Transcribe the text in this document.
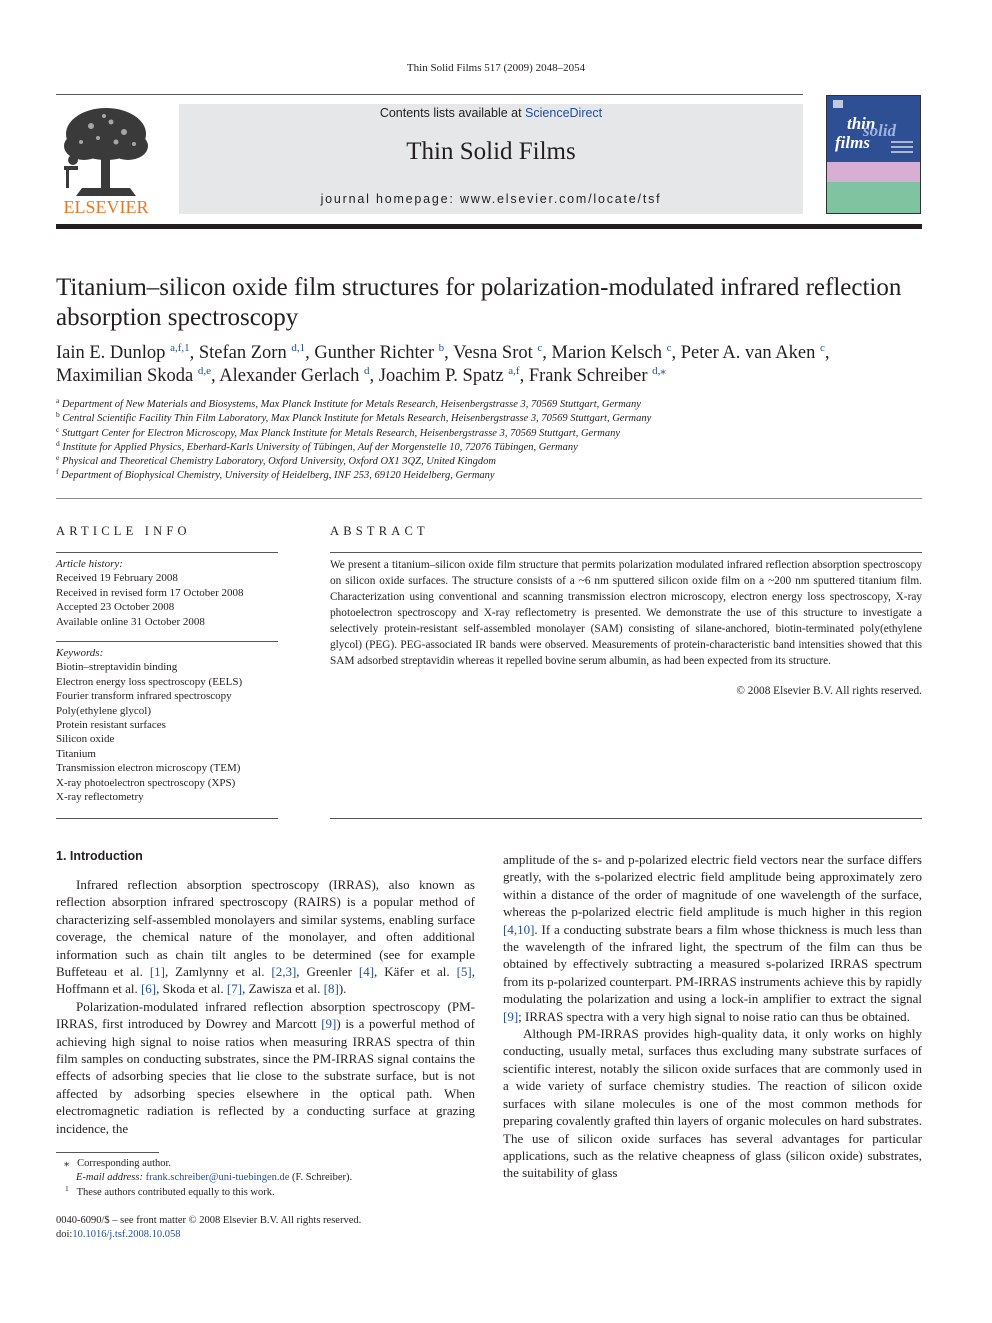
Thin Solid Films 517 (2009) 2048–2054
ELSEVIER
Contents lists available at ScienceDirect
Thin Solid Films
journal homepage: www.elsevier.com/locate/tsf
thin
solid
films
Titanium–silicon oxide film structures for polarization-modulated infrared reflection absorption spectroscopy
Iain E. Dunlop $^{a,f,1}$, Stefan Zorn $^{d,1}$, Gunther Richter $^b$, Vesna Srot $^c$, Marion Kelsch $^c$, Peter A. van Aken $^c$,
Maximilian Skoda $^{d,e}$, Alexander Gerlach $^d$, Joachim P. Spatz $^{a,f}$, Frank Schreiber $^{d,⁎}$
$^a$ Department of New Materials and Biosystems, Max Planck Institute for Metals Research, Heisenbergstrasse 3, 70569 Stuttgart, Germany
$^b$ Central Scientific Facility Thin Film Laboratory, Max Planck Institute for Metals Research, Heisenbergstrasse 3, 70569 Stuttgart, Germany
$^c$ Stuttgart Center for Electron Microscopy, Max Planck Institute for Metals Research, Heisenbergstrasse 3, 70569 Stuttgart, Germany
$^d$ Institute for Applied Physics, Eberhard-Karls University of Tübingen, Auf der Morgenstelle 10, 72076 Tübingen, Germany
$^e$ Physical and Theoretical Chemistry Laboratory, Oxford University, Oxford OX1 3QZ, United Kingdom
$^f$ Department of Biophysical Chemistry, University of Heidelberg, INF 253, 69120 Heidelberg, Germany
ARTICLE INFO	ABSTRACT
Article history:
Received 19 February 2008
Received in revised form 17 October 2008
Accepted 23 October 2008
Available online 31 October 2008
Keywords:
Biotin–streptavidin binding
Electron energy loss spectroscopy (EELS)
Fourier transform infrared spectroscopy
Poly(ethylene glycol)
Protein resistant surfaces
Silicon oxide
Titanium
Transmission electron microscopy (TEM)
X-ray photoelectron spectroscopy (XPS)
X-ray reflectometry
We present a titanium–silicon oxide film structure that permits polarization modulated infrared reflection absorption spectroscopy on silicon oxide surfaces. The structure consists of a ~6 nm sputtered silicon oxide film on a ~200 nm sputtered titanium film. Characterization using conventional and scanning transmission electron microscopy, electron energy loss spectroscopy, X-ray photoelectron spectroscopy and X-ray reflectometry is presented. We demonstrate the use of this structure to investigate a selectively protein-resistant self-assembled monolayer (SAM) consisting of silane-anchored, biotin-terminated poly(ethylene glycol) (PEG). PEG-associated IR bands were observed. Measurements of protein-characteristic band intensities showed that this SAM adsorbed streptavidin whereas it repelled bovine serum albumin, as had been expected from its structure.
© 2008 Elsevier B.V. All rights reserved.
1. Introduction

Infrared reflection absorption spectroscopy (IRRAS), also known as reflection absorption infrared spectroscopy (RAIRS) is a popular method of characterizing self-assembled monolayers and similar systems, enabling surface coverage, the chemical nature of the monolayer, and often additional information such as chain tilt angles to be determined (see for example Buffeteau et al. [1], Zamlynny et al. [2,3], Greenler [4], Käfer et al. [5], Hoffmann et al. [6], Skoda et al. [7], Zawisza et al. [8]).

Polarization-modulated infrared reflection absorption spectroscopy (PM-IRRAS, first introduced by Dowrey and Marcott [9]) is a powerful method of achieving high signal to noise ratios when measuring IRRAS spectra of thin film samples on conducting substrates, since the PM-IRRAS signal contains the effects of adsorbing species that lie close to the substrate surface, but is not affected by adsorbing species elsewhere in the optical path. When electromagnetic radiation is reflected by a conducting surface at grazing incidence, the

amplitude of the s- and p-polarized electric field vectors near the surface differs greatly, with the s-polarized electric field amplitude being approximately zero within a distance of the order of magnitude of one wavelength of the surface, whereas the p-polarized electric field amplitude is much higher in this region [4,10]. If a conducting substrate bears a film whose thickness is much less than the wavelength of the infrared light, the spectrum of the film can thus be obtained by effectively subtracting a measured s-polarized IRRAS spectrum from its p-polarized counterpart. PM-IRRAS instruments achieve this by rapidly modulating the polarization and using a lock-in amplifier to extract the signal [9]; IRRAS spectra with a very high signal to noise ratio can thus be obtained.

Although PM-IRRAS provides high-quality data, it only works on highly conducting, usually metal, surfaces thus excluding many substrate surfaces of scientific interest, notably the silicon oxide surfaces that are commonly used in a wide variety of surface chemistry studies. The reaction of silicon oxide surfaces with silane molecules is one of the most common methods for preparing covalently grafted thin layers of organic molecules on hard substrates. The use of silicon oxide surfaces has several advantages for particular applications, such as the relative cheapness of glass (silicon oxide) substrates, the suitability of glass

⁎ Corresponding author.
E-mail address: frank.schreiber@uni-tuebingen.de (F. Schreiber).
$^1$ These authors contributed equally to this work.
0040-6090/$ – see front matter © 2008 Elsevier B.V. All rights reserved.
doi:10.1016/j.tsf.2008.10.058
